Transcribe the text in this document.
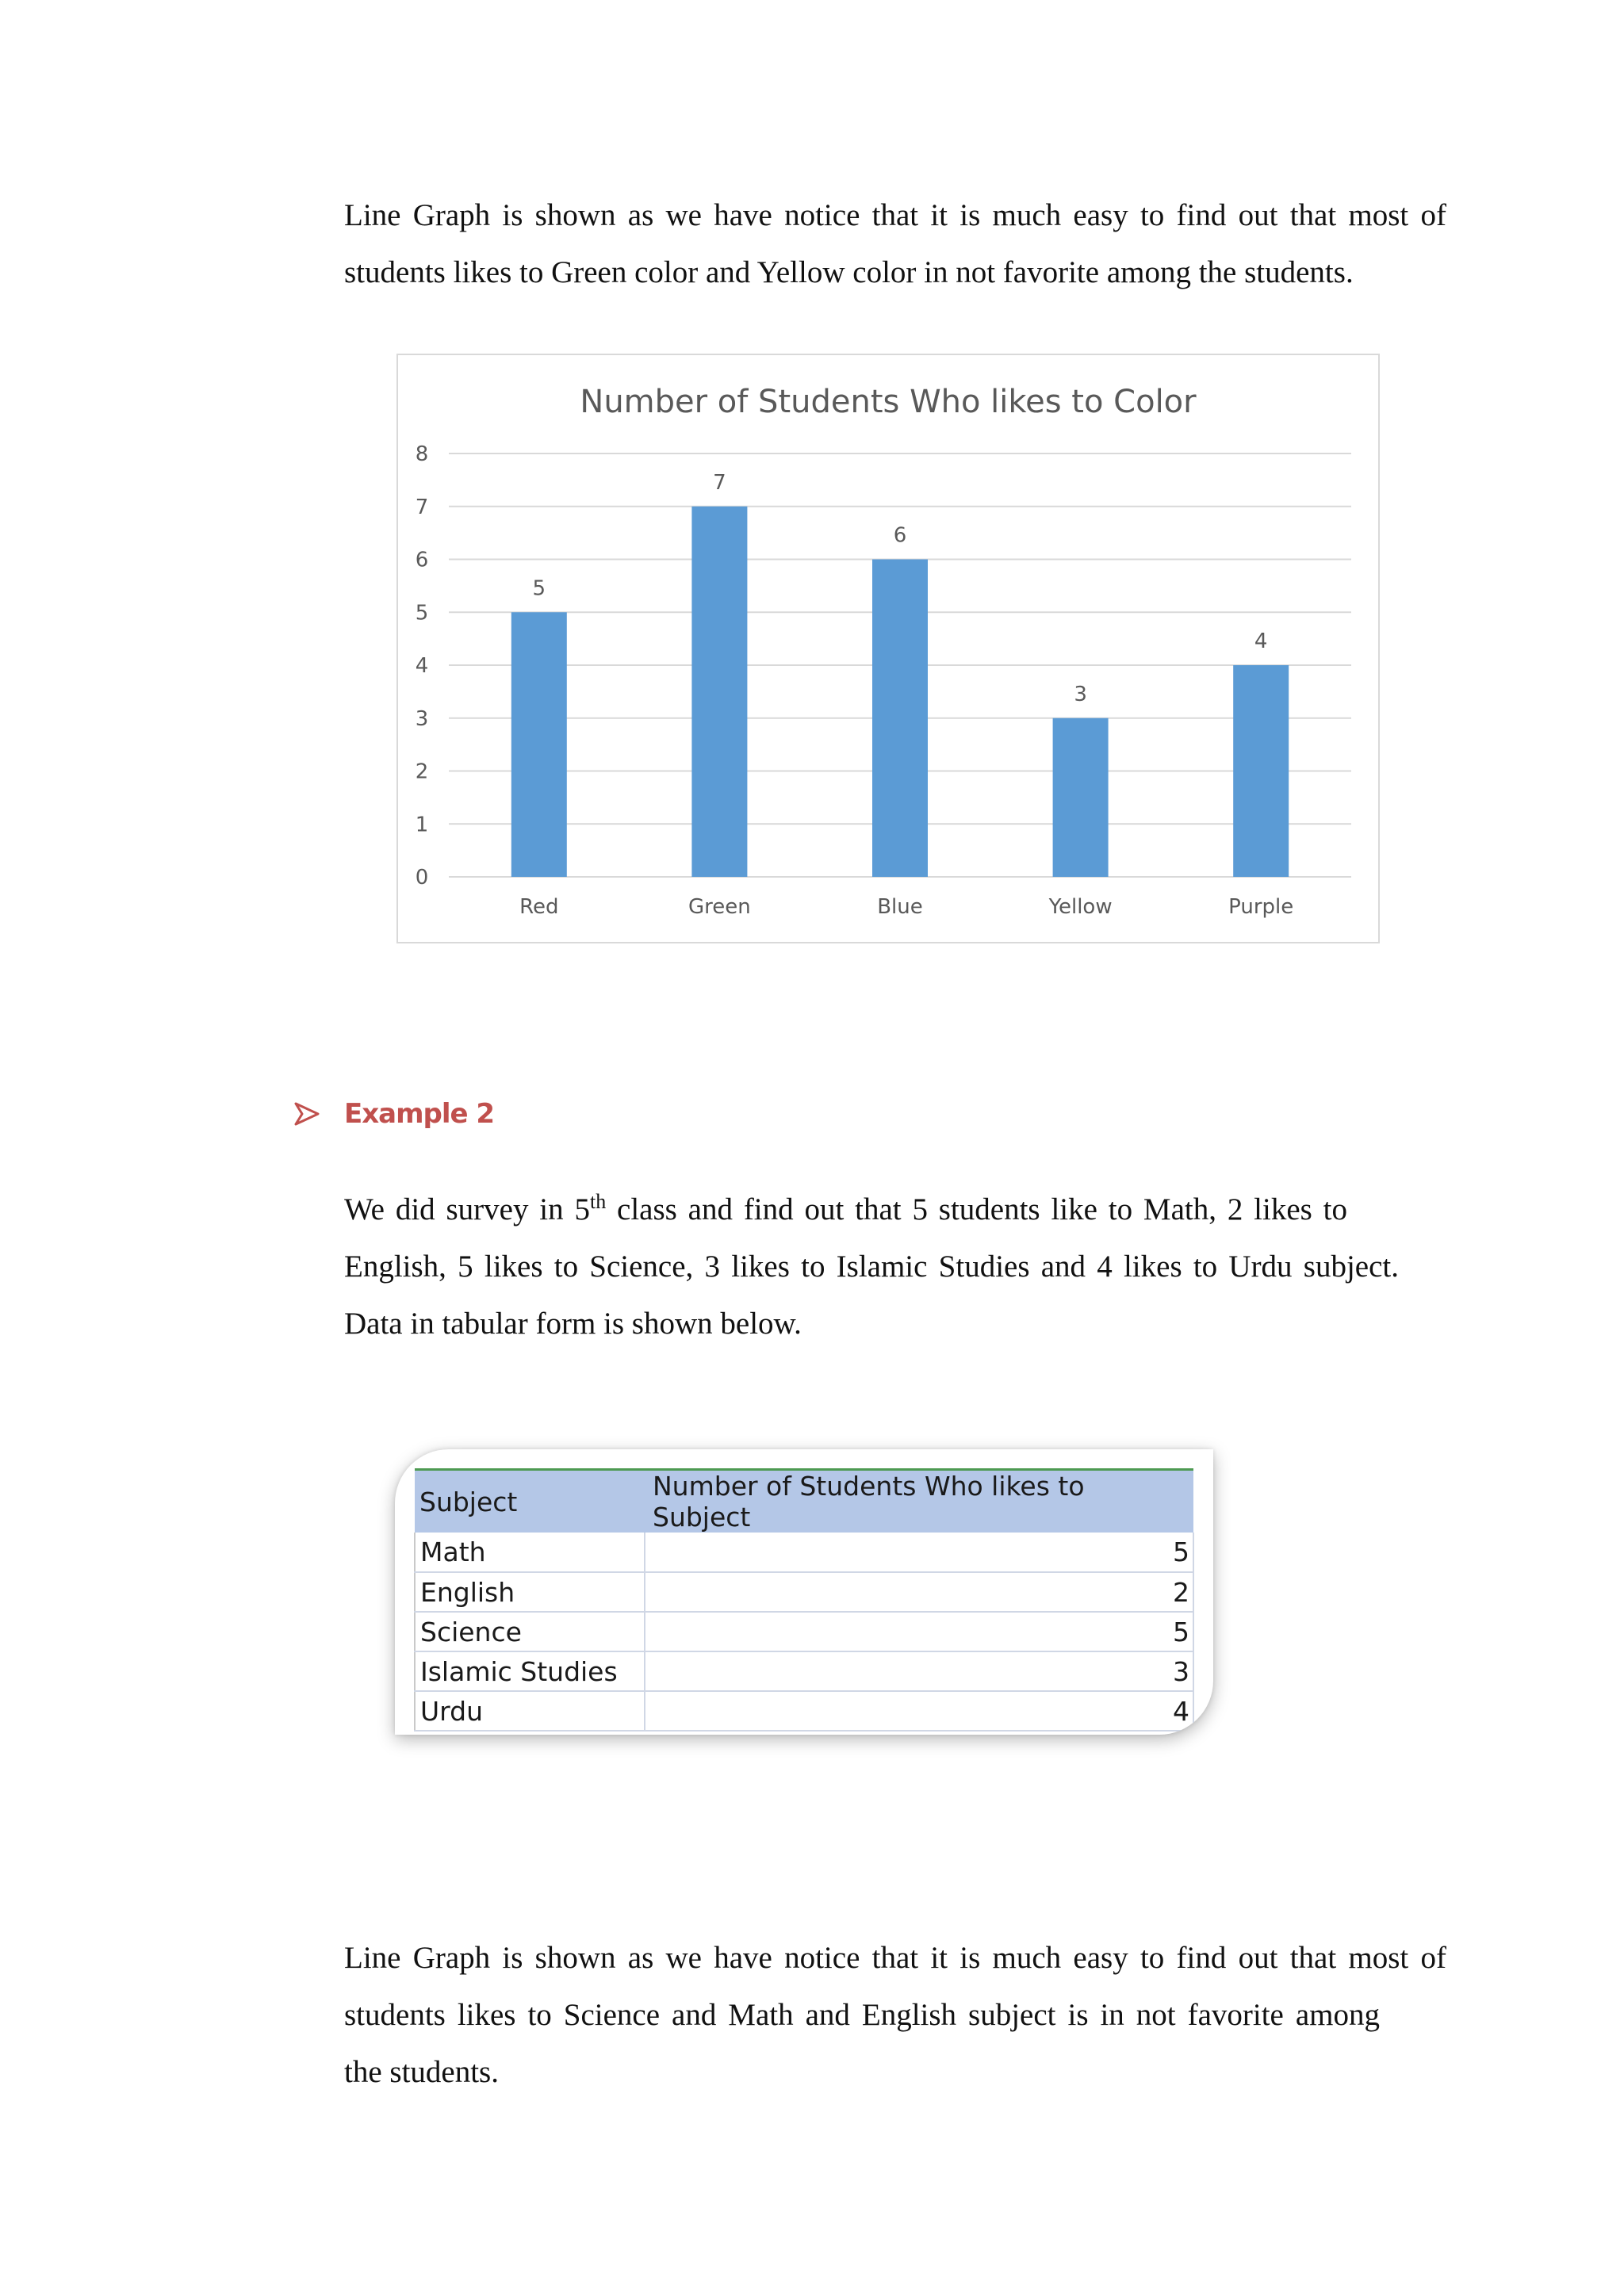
Line Graph is shown as we have notice that it is much easy to find out that most of
students likes to Green color and Yellow color in not favorite among the students.
Number of Students Who likes to Color
0
1
2
3
4
5
6
7
8
5
Red
7
Green
6
Blue
3
Yellow
4
Purple
Example 2
We did survey in 5th class and find out that 5 students like to Math, 2 likes to
English, 5 likes to Science, 3 likes to Islamic Studies and 4 likes to Urdu subject.
Data in tabular form is shown below.
Subject	Number of Students Who likes to Subject
Math	5
English	2
Science	5
Islamic Studies	3
Urdu	4
Line Graph is shown as we have notice that it is much easy to find out that most of
students likes to Science and Math and English subject is in not favorite among
the students.
